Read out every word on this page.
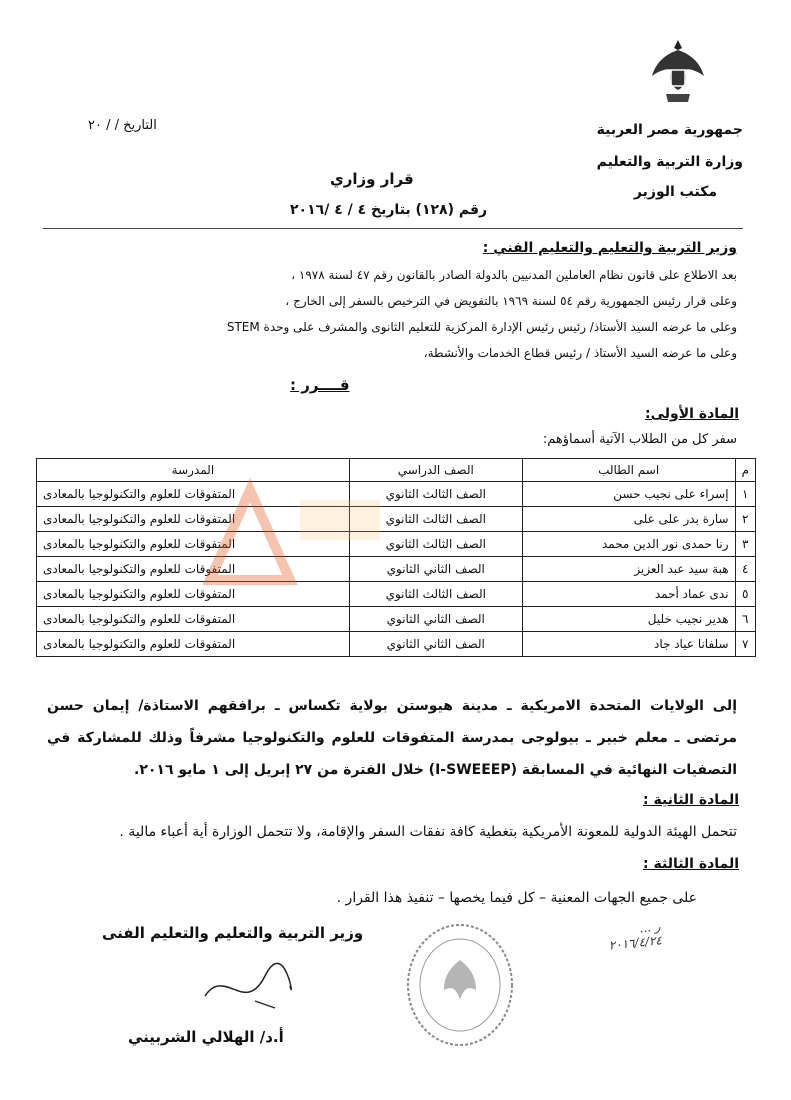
جمهورية مصر العربية
وزارة التربية والتعليم
مكتب الوزير
التاريخ / / ٢٠
قرار وزاري
رقم (١٢٨) بتاريخ ٤ / ٤ /٢٠١٦
وزير التربية والتعليم والتعليم الفني :
بعد الاطلاع على قانون نظام العاملين المدنيين بالدولة الصادر بالقانون رقم ٤٧ لسنة ١٩٧٨ ،
وعلى قرار رئيس الجمهورية رقم ٥٤ لسنة ١٩٦٩ بالتفويض في الترخيص بالسفر إلى الخارج ،
وعلى ما عرضه السيد الأستاذ/ رئيس رئيس الإدارة المركزية للتعليم الثانوى والمشرف على وحدة STEM
وعلى ما عرضه السيد الأستاذ / رئيس قطاع الخدمات والأنشطة،
قــــرر :
المادة الأولى:
سفر كل من الطلاب الآتية أسماؤهم:
م	اسم الطالب	الصف الدراسي	المدرسة
١	إسراء على نجيب حسن	الصف الثالث الثانوي	المتفوقات للعلوم والتكنولوجيا بالمعادى
٢	سارة بدر على على	الصف الثالث الثانوي	المتفوقات للعلوم والتكنولوجيا بالمعادى
٣	رنا حمدى نور الدين محمد	الصف الثالث الثانوي	المتفوقات للعلوم والتكنولوجيا بالمعادى
٤	هبة سيد عبد العزيز	الصف الثاني الثانوي	المتفوقات للعلوم والتكنولوجيا بالمعادى
٥	ندى عماد أحمد	الصف الثالث الثانوي	المتفوقات للعلوم والتكنولوجيا بالمعادى
٦	هدير نجيب خليل	الصف الثاني الثانوي	المتفوقات للعلوم والتكنولوجيا بالمعادى
٧	سلفانا عياد جاد	الصف الثاني الثانوي	المتفوقات للعلوم والتكنولوجيا بالمعادى
إلى الولايات المتحدة الامريكية ـ مدينة هيوستن بولاية تكساس ـ برافقهم الاستاذة/ إيمان حسن مرتضى ـ معلم خبير ـ بيولوجى بمدرسة المتفوقات للعلوم والتكنولوجيا مشرفاً وذلك للمشاركة في التصفيات النهائية في المسابقة (I-SWEEEP) خلال الفترة من ٢٧ إبريل إلى ١ مايو ٢٠١٦.
المادة الثانية :
تتحمل الهيئة الدولية للمعونة الأمريكية بتغطية كافة نفقات السفر والإقامة، ولا تتحمل الوزارة أية أعباء مالية .
المادة الثالثة :
على جميع الجهات المعنية – كل فيما يخصها – تنفيذ هذا القرار .
وزير التربية والتعليم والتعليم الفنى
أ.د/ الهلالي الشربيني
ر ...
٢٠١٦/٤/٢٤
